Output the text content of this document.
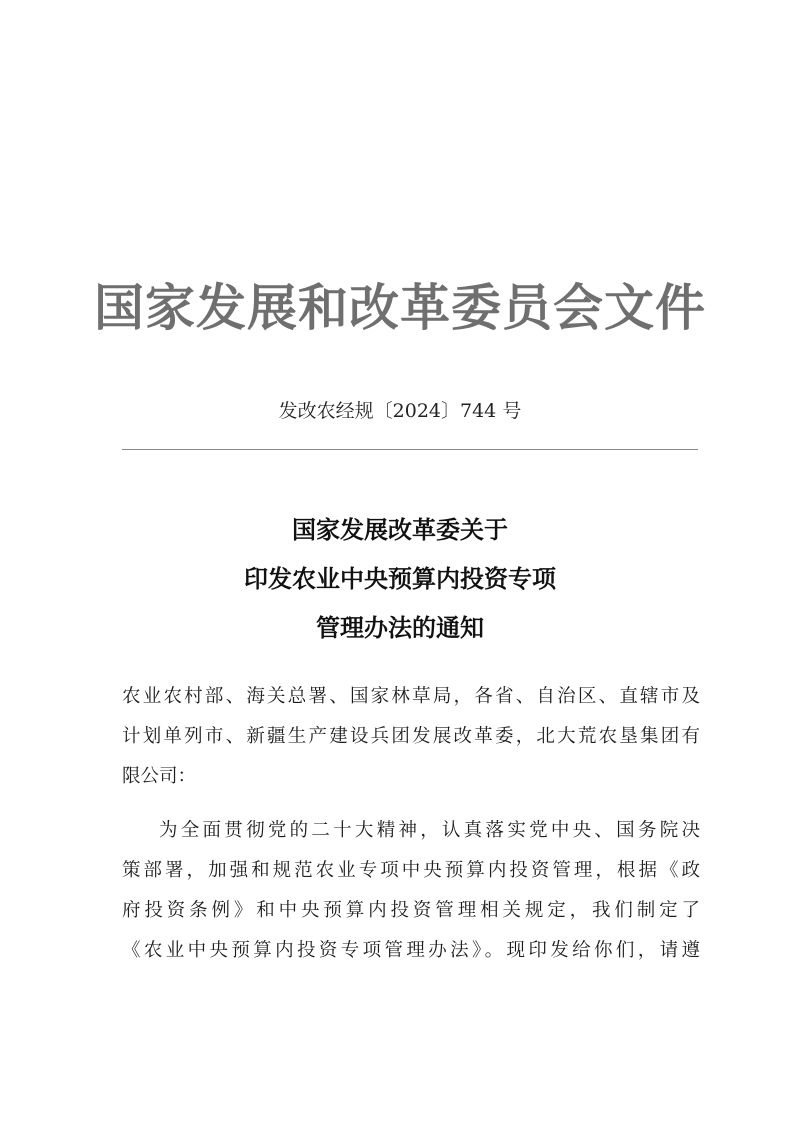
国家发展和改革委员会文件
发改农经规〔2024〕744 号
国家发展改革委关于
印发农业中央预算内投资专项
管理办法的通知
农业农村部、海关总署、国家林草局，各省、自治区、直辖市及
计划单列市、新疆生产建设兵团发展改革委，北大荒农垦集团有
限公司：
为全面贯彻党的二十大精神，认真落实党中央、国务院决
策部署，加强和规范农业专项中央预算内投资管理，根据《政
府投资条例》和中央预算内投资管理相关规定，我们制定了
《农业中央预算内投资专项管理办法》。现印发给你们，请遵
